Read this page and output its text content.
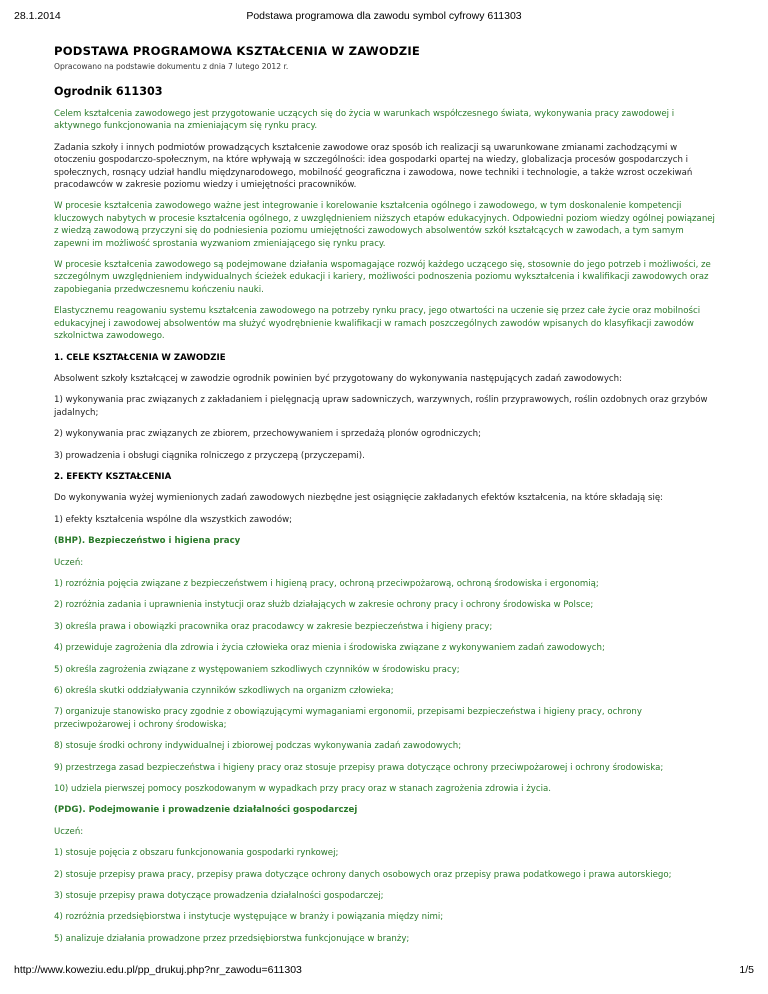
28.1.2014	Podstawa programowa dla zawodu symbol cyfrowy 611303
PODSTAWA PROGRAMOWA KSZTAŁCENIA W ZAWODZIE
Opracowano na podstawie dokumentu z dnia 7 lutego 2012 r.
Ogrodnik 611303

Celem kształcenia zawodowego jest przygotowanie uczących się do życia w warunkach współczesnego świata, wykonywania pracy zawodowej i aktywnego funkcjonowania na zmieniającym się rynku pracy.

Zadania szkoły i innych podmiotów prowadzących kształcenie zawodowe oraz sposób ich realizacji są uwarunkowane zmianami zachodzącymi w otoczeniu gospodarczo-społecznym, na które wpływają w szczególności: idea gospodarki opartej na wiedzy, globalizacja procesów gospodarczych i społecznych, rosnący udział handlu międzynarodowego, mobilność geograficzna i zawodowa, nowe techniki i technologie, a także wzrost oczekiwań pracodawców w zakresie poziomu wiedzy i umiejętności pracowników.

W procesie kształcenia zawodowego ważne jest integrowanie i korelowanie kształcenia ogólnego i zawodowego, w tym doskonalenie kompetencji kluczowych nabytych w procesie kształcenia ogólnego, z uwzględnieniem niższych etapów edukacyjnych. Odpowiedni poziom wiedzy ogólnej powiązanej z wiedzą zawodową przyczyni się do podniesienia poziomu umiejętności zawodowych absolwentów szkół kształcących w zawodach, a tym samym zapewni im możliwość sprostania wyzwaniom zmieniającego się rynku pracy.

W procesie kształcenia zawodowego są podejmowane działania wspomagające rozwój każdego uczącego się, stosownie do jego potrzeb i możliwości, ze szczególnym uwzględnieniem indywidualnych ścieżek edukacji i kariery, możliwości podnoszenia poziomu wykształcenia i kwalifikacji zawodowych oraz zapobiegania przedwczesnemu kończeniu nauki.

Elastycznemu reagowaniu systemu kształcenia zawodowego na potrzeby rynku pracy, jego otwartości na uczenie się przez całe życie oraz mobilności edukacyjnej i zawodowej absolwentów ma służyć wyodrębnienie kwalifikacji w ramach poszczególnych zawodów wpisanych do klasyfikacji zawodów szkolnictwa zawodowego.

1. CELE KSZTAŁCENIA W ZAWODZIE

Absolwent szkoły kształcącej w zawodzie ogrodnik powinien być przygotowany do wykonywania następujących zadań zawodowych:

1) wykonywania prac związanych z zakładaniem i pielęgnacją upraw sadowniczych, warzywnych, roślin przyprawowych, roślin ozdobnych oraz grzybów jadalnych;

2) wykonywania prac związanych ze zbiorem, przechowywaniem i sprzedażą plonów ogrodniczych;

3) prowadzenia i obsługi ciągnika rolniczego z przyczepą (przyczepami).

2. EFEKTY KSZTAŁCENIA

Do wykonywania wyżej wymienionych zadań zawodowych niezbędne jest osiągnięcie zakładanych efektów kształcenia, na które składają się:

1) efekty kształcenia wspólne dla wszystkich zawodów;

(BHP). Bezpieczeństwo i higiena pracy

Uczeń:

1) rozróżnia pojęcia związane z bezpieczeństwem i higieną pracy, ochroną przeciwpożarową, ochroną środowiska i ergonomią;

2) rozróżnia zadania i uprawnienia instytucji oraz służb działających w zakresie ochrony pracy i ochrony środowiska w Polsce;

3) określa prawa i obowiązki pracownika oraz pracodawcy w zakresie bezpieczeństwa i higieny pracy;

4) przewiduje zagrożenia dla zdrowia i życia człowieka oraz mienia i środowiska związane z wykonywaniem zadań zawodowych;

5) określa zagrożenia związane z występowaniem szkodliwych czynników w środowisku pracy;

6) określa skutki oddziaływania czynników szkodliwych na organizm człowieka;

7) organizuje stanowisko pracy zgodnie z obowiązującymi wymaganiami ergonomii, przepisami bezpieczeństwa i higieny pracy, ochrony przeciwpożarowej i ochrony środowiska;

8) stosuje środki ochrony indywidualnej i zbiorowej podczas wykonywania zadań zawodowych;

9) przestrzega zasad bezpieczeństwa i higieny pracy oraz stosuje przepisy prawa dotyczące ochrony przeciwpożarowej i ochrony środowiska;

10) udziela pierwszej pomocy poszkodowanym w wypadkach przy pracy oraz w stanach zagrożenia zdrowia i życia.

(PDG). Podejmowanie i prowadzenie działalności gospodarczej

Uczeń:

1) stosuje pojęcia z obszaru funkcjonowania gospodarki rynkowej;

2) stosuje przepisy prawa pracy, przepisy prawa dotyczące ochrony danych osobowych oraz przepisy prawa podatkowego i prawa autorskiego;

3) stosuje przepisy prawa dotyczące prowadzenia działalności gospodarczej;

4) rozróżnia przedsiębiorstwa i instytucje występujące w branży i powiązania między nimi;

5) analizuje działania prowadzone przez przedsiębiorstwa funkcjonujące w branży;

http://www.koweziu.edu.pl/pp_drukuj.php?nr_zawodu=611303	1/5
